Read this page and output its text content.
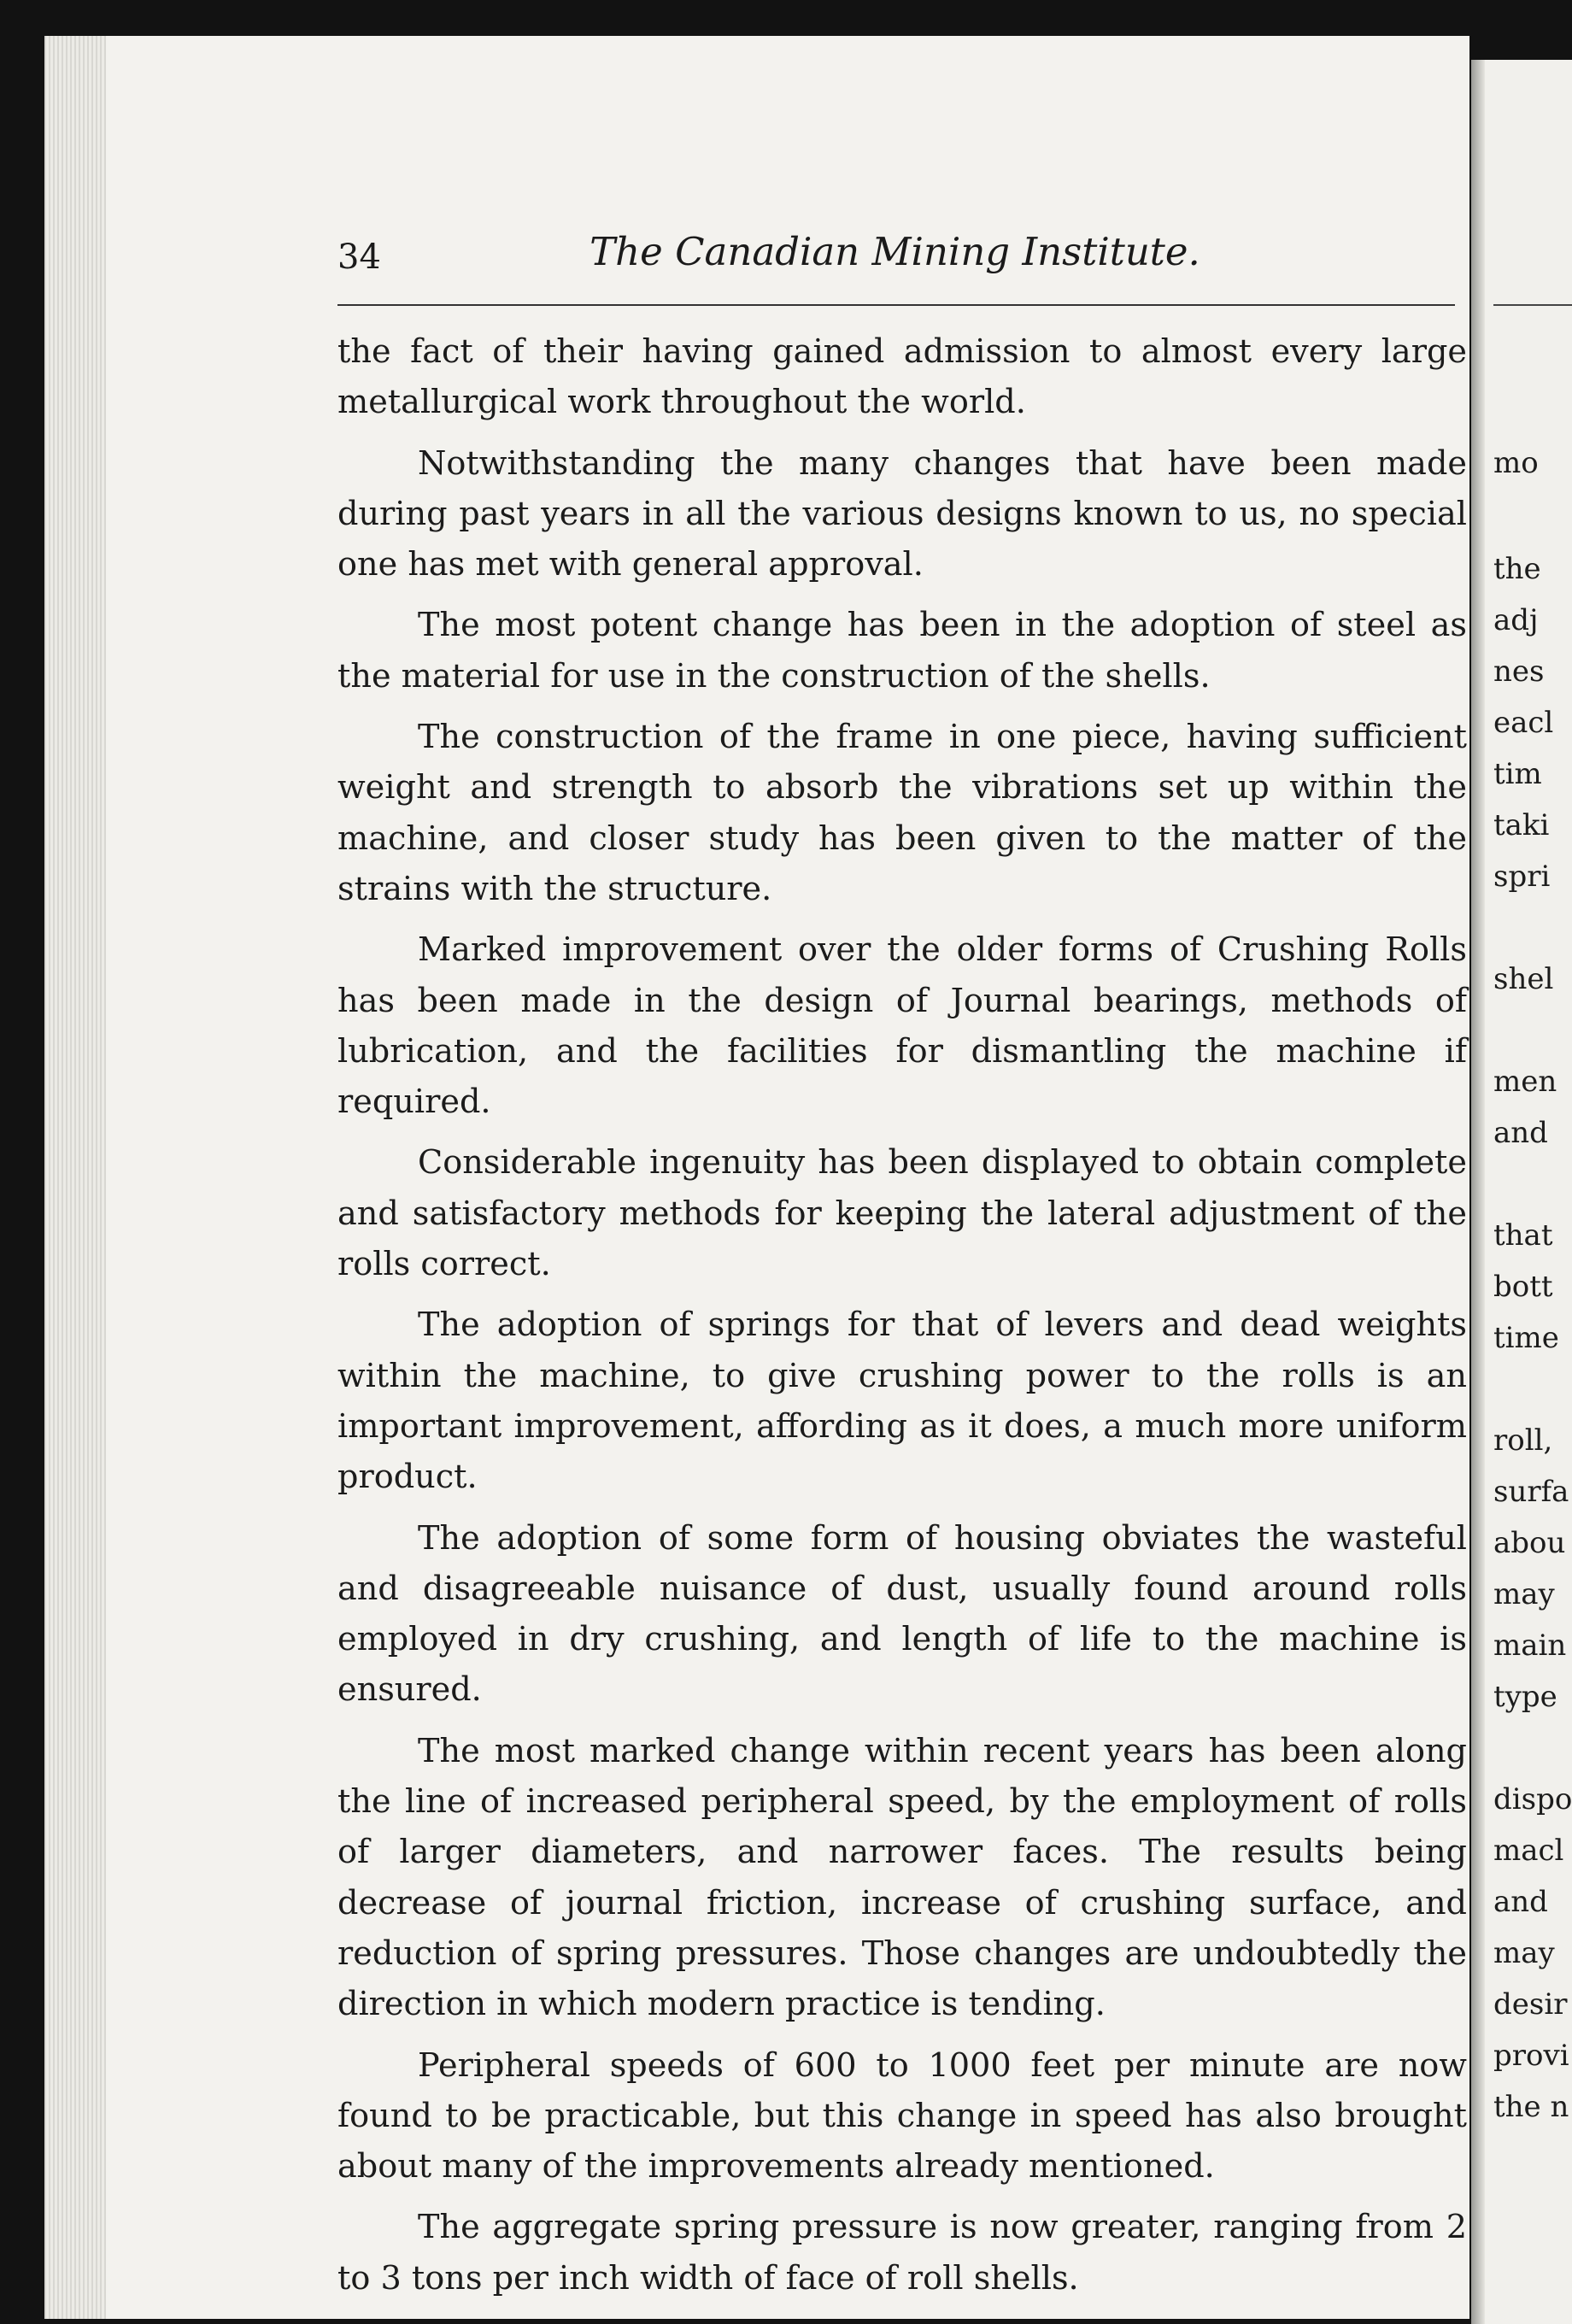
mo
the
adj
nes
eacl
tim
taki
spri
shel
men
and
that
bott
time
roll,
surfa
abou
may
main
type
dispo
macl
and
may
desir
provi
the n
34	The Canadian Mining Institute.

the fact of their having gained admission to almost every large metallurgical work throughout the world.

Notwithstanding the many changes that have been made during past years in all the various designs known to us, no special one has met with general approval.

The most potent change has been in the adoption of steel as the material for use in the construction of the shells.

The construction of the frame in one piece, having sufficient weight and strength to absorb the vibrations set up within the machine, and closer study has been given to the matter of the strains with the structure.

Marked improvement over the older forms of Crushing Rolls has been made in the design of Journal bearings, methods of lubrication, and the facilities for dismantling the machine if required.

Considerable ingenuity has been displayed to obtain complete and satisfactory methods for keeping the lateral adjustment of the rolls correct.

The adoption of springs for that of levers and dead weights within the machine, to give crushing power to the rolls is an important improvement, affording as it does, a much more uniform product.

The adoption of some form of housing obviates the wasteful and disagreeable nuisance of dust, usually found around rolls employed in dry crushing, and length of life to the machine is ensured.

The most marked change within recent years has been along the line of increased peripheral speed, by the employment of rolls of larger diameters, and narrower faces. The results being decrease of journal friction, increase of crushing surface, and reduction of spring pressures. Those changes are undoubtedly the direction in which modern practice is tending.

Peripheral speeds of 600 to 1000 feet per minute are now found to be practicable, but this change in speed has also brought about many of the improvements already mentioned.

The aggregate spring pressure is now greater, ranging from 2 to 3 tons per inch width of face of roll shells.
